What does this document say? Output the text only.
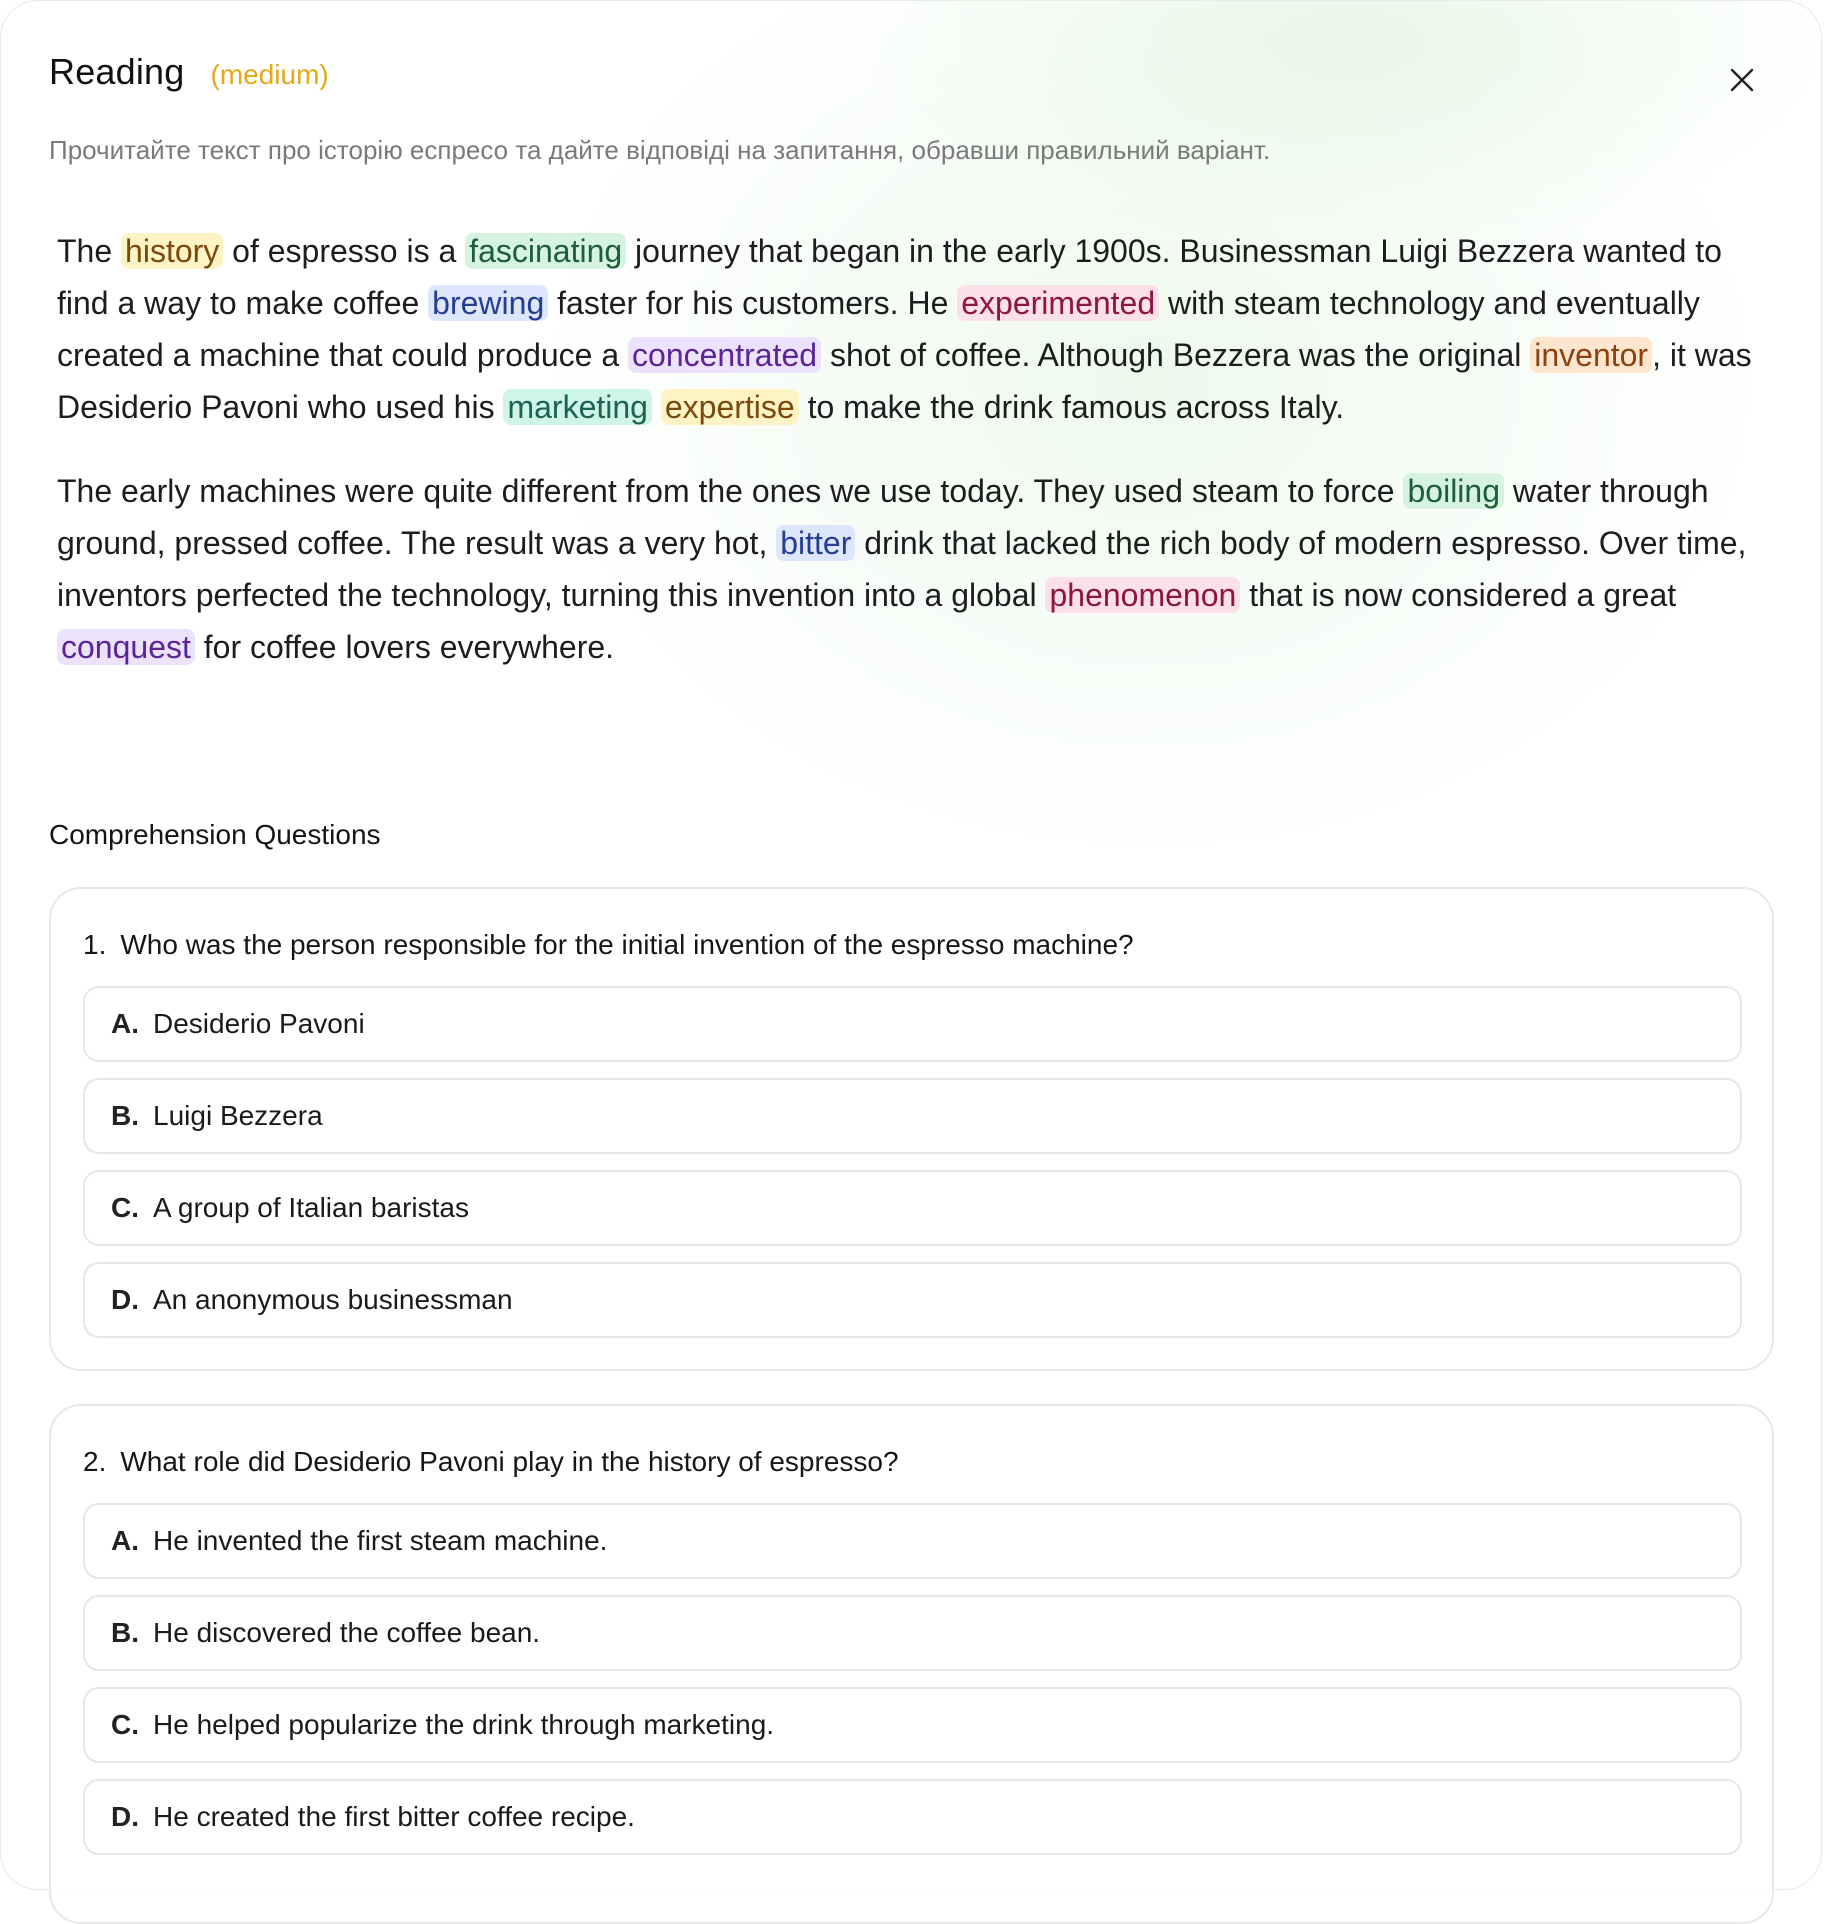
Reading (medium)
Прочитайте текст про історію еспресо та дайте відповіді на запитання, обравши правильний варіант.

The history of espresso is a fascinating journey that began in the early 1900s. Businessman Luigi Bezzera wanted to find a way to make coffee brewing faster for his customers. He experimented with steam technology and eventually created a machine that could produce a concentrated shot of coffee. Although Bezzera was the original inventor , it was Desiderio Pavoni who used his marketing expertise to make the drink famous across Italy.

The early machines were quite different from the ones we use today. They used steam to force boiling water through ground, pressed coffee. The result was a very hot, bitter drink that lacked the rich body of modern espresso. Over time, inventors perfected the technology, turning this invention into a global phenomenon that is now considered a great conquest for coffee lovers everywhere.

Comprehension Questions
1. Who was the person responsible for the initial invention of the espresso machine?
A. Desiderio Pavoni
B. Luigi Bezzera
C. A group of Italian baristas
D. An anonymous businessman
2. What role did Desiderio Pavoni play in the history of espresso?
A. He invented the first steam machine.
B. He discovered the coffee bean.
C. He helped popularize the drink through marketing.
D. He created the first bitter coffee recipe.
